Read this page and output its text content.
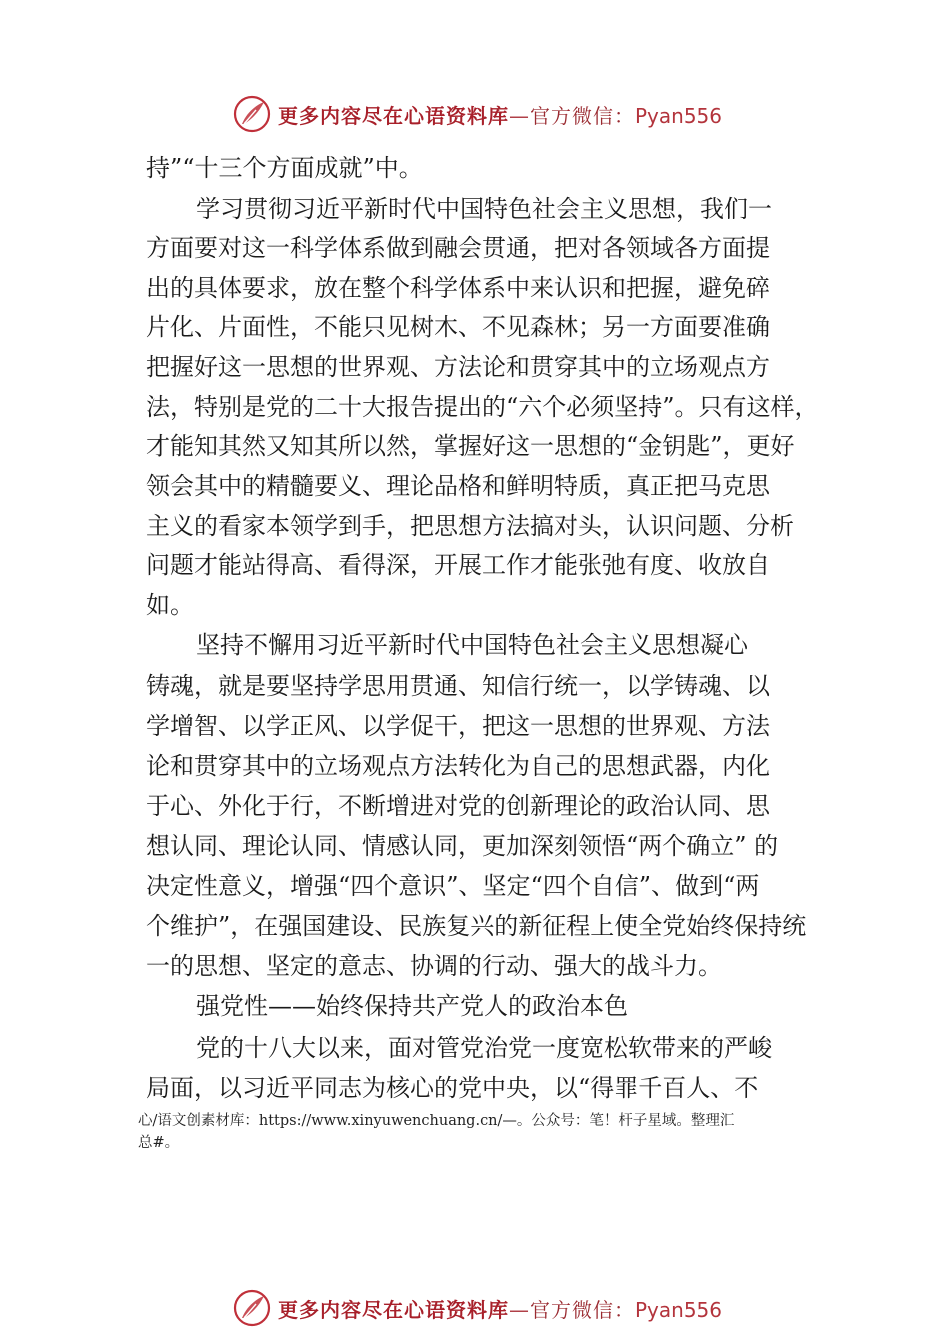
更多内容尽在心语资料库—官方微信：Pyan556
持”“十三个方面成就”中。
学习贯彻习近平新时代中国特色社会主义思想，我们一
方面要对这一科学体系做到融会贯通，把对各领域各方面提
出的具体要求，放在整个科学体系中来认识和把握，避免碎
片化、片面性，不能只见树木、不见森林；另一方面要准确
把握好这一思想的世界观、方法论和贯穿其中的立场观点方
法，特别是党的二十大报告提出的“六个必须坚持”。只有这样，
才能知其然又知其所以然，掌握好这一思想的“金钥匙”，更好
领会其中的精髓要义、理论品格和鲜明特质，真正把马克思
主义的看家本领学到手，把思想方法搞对头，认识问题、分析
问题才能站得高、看得深，开展工作才能张弛有度、收放自
如。
坚持不懈用习近平新时代中国特色社会主义思想凝心
铸魂，就是要坚持学思用贯通、知信行统一，以学铸魂、以
学增智、以学正风、以学促干，把这一思想的世界观、方法
论和贯穿其中的立场观点方法转化为自己的思想武器，内化
于心、外化于行，不断增进对党的创新理论的政治认同、思
想认同、理论认同、情感认同，更加深刻领悟“两个确立” 的
决定性意义，增强“四个意识”、坚定“四个自信”、做到“两
个维护”，在强国建设、民族复兴的新征程上使全党始终保持统
一的思想、坚定的意志、协调的行动、强大的战斗力。
强党性——始终保持共产党人的政治本色
党的十八大以来，面对管党治党一度宽松软带来的严峻
局面，以习近平同志为核心的党中央，以“得罪千百人、不
心/语文创素材库：https://www.xinyuwenchuang.cn/—。公众号：笔！杆子星域。整理汇
总#。
更多内容尽在心语资料库—官方微信：Pyan556
